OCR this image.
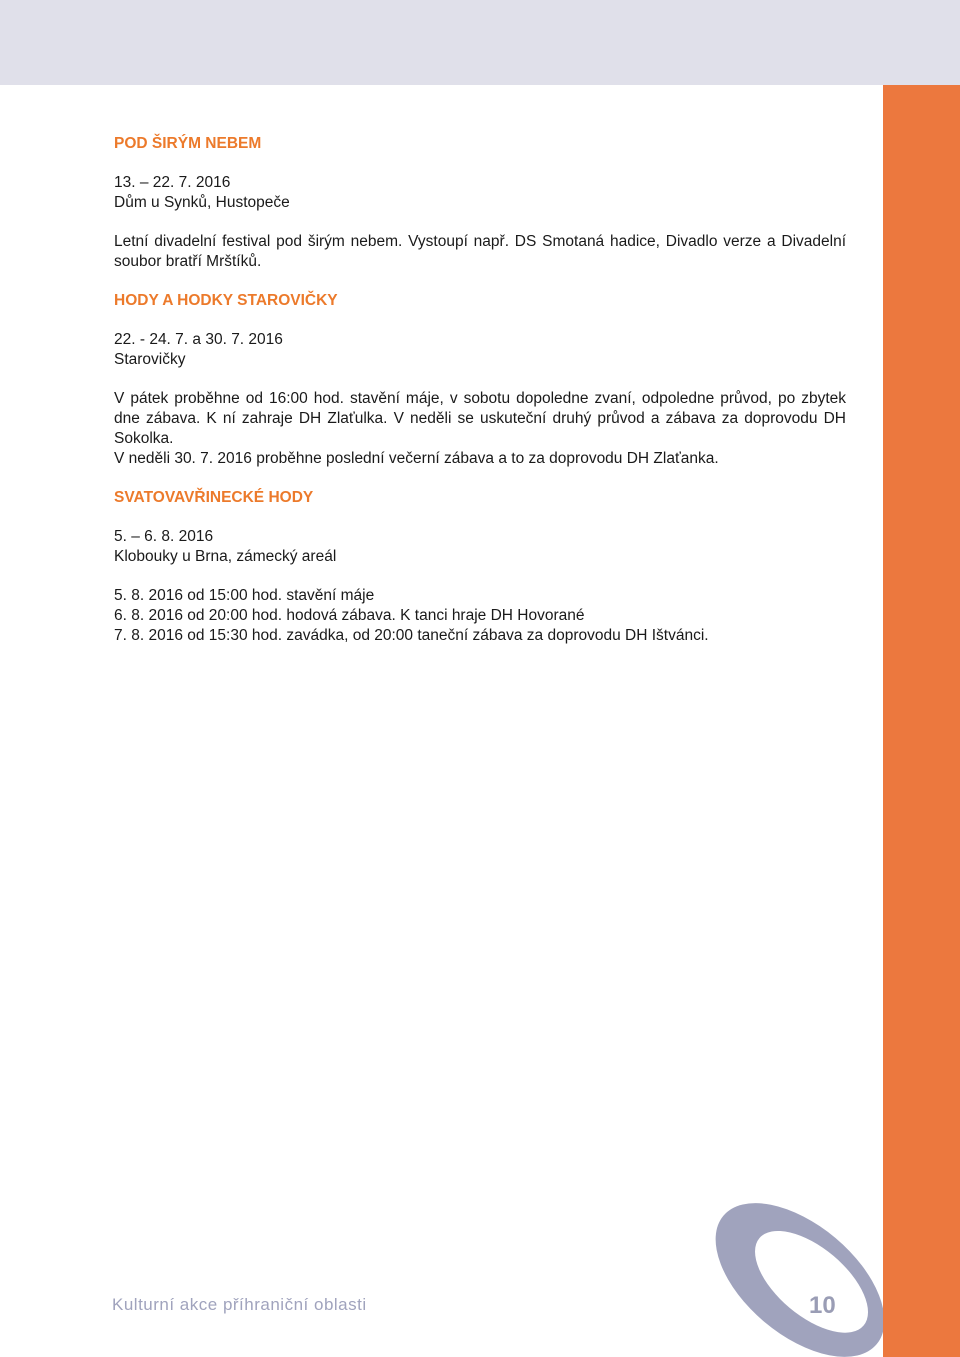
POD ŠIRÝM NEBEM

13. – 22. 7. 2016
Dům u Synků, Hustopeče

Letní divadelní festival pod širým nebem. Vystoupí např. DS Smotaná hadice, Divadlo verze a Divadelní soubor bratří Mrštíků.

HODY A HODKY STAROVIČKY

22. - 24. 7. a 30. 7. 2016
Starovičky

V pátek proběhne od 16:00 hod. stavění máje, v sobotu dopoledne zvaní, odpoledne průvod, po zbytek dne zábava. K ní zahraje DH Zlaťulka. V neděli se uskuteční druhý průvod a zábava za doprovodu DH Sokolka.
V neděli 30. 7. 2016 proběhne poslední večerní zábava a to za doprovodu DH Zlaťanka.

SVATOVAVŘINECKÉ HODY

5. – 6. 8. 2016
Klobouky u Brna, zámecký areál

5. 8. 2016 od 15:00 hod. stavění máje
6. 8. 2016 od 20:00 hod. hodová zábava. K tanci hraje DH Hovorané
7. 8. 2016 od 15:30 hod. zavádka, od 20:00 taneční zábava za doprovodu DH Ištvánci.

Kulturní akce příhraniční oblasti	10
